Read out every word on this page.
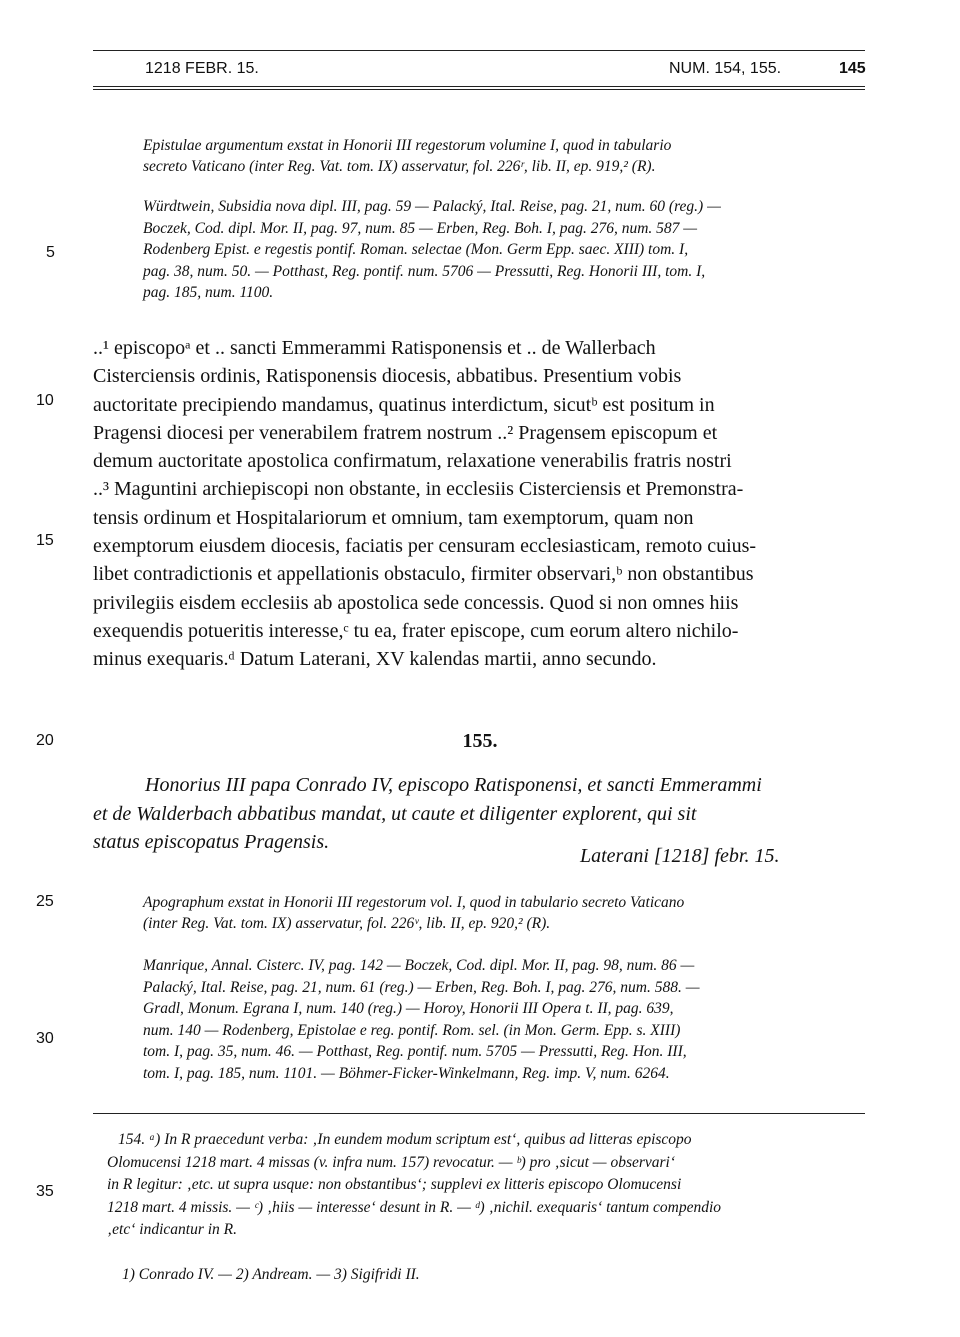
1218 FEBR. 15.	NUM. 154, 155.	145
5
10
15
20
25
30
35
Epistulae argumentum exstat in Honorii III regestorum volumine I, quod in tabulario
secreto Vaticano (inter Reg. Vat. tom. IX) asservatur, fol. 226ʳ, lib. II, ep. 919,² (R).
Würdtwein, Subsidia nova dipl. III, pag. 59 — Palacký, Ital. Reise, pag. 21, num. 60 (reg.) —
Boczek, Cod. dipl. Mor. II, pag. 97, num. 85 — Erben, Reg. Boh. I, pag. 276, num. 587 —
Rodenberg Epist. e regestis pontif. Roman. selectae (Mon. Germ Epp. saec. XIII) tom. I,
pag. 38, num. 50. — Potthast, Reg. pontif. num. 5706 — Pressutti, Reg. Honorii III, tom. I,
pag. 185, num. 1100.
..¹ episcopoᵃ et .. sancti Emmerammi Ratisponensis et .. de Wallerbach
Cisterciensis ordinis, Ratisponensis diocesis, abbatibus. Presentium vobis
auctoritate precipiendo mandamus, quatinus interdictum, sicutᵇ est positum in
Pragensi diocesi per venerabilem fratrem nostrum ..² Pragensem episcopum et
demum auctoritate apostolica confirmatum, relaxatione venerabilis fratris nostri
..³ Maguntini archiepiscopi non obstante, in ecclesiis Cisterciensis et Premonstra-
tensis ordinum et Hospitalariorum et omnium, tam exemptorum, quam non
exemptorum eiusdem diocesis, faciatis per censuram ecclesiasticam, remoto cuius-
libet contradictionis et appellationis obstaculo, firmiter observari,ᵇ non obstantibus
privilegiis eisdem ecclesiis ab apostolica sede concessis. Quod si non omnes hiis
exequendis potueritis interesse,ᶜ tu ea, frater episcope, cum eorum altero nichilo-
minus exequaris.ᵈ Datum Laterani, XV kalendas martii, anno secundo.
155.
Honorius III papa Conrado IV, episcopo Ratisponensi, et sancti Emmerammi
et de Walderbach abbatibus mandat, ut caute et diligenter explorent, qui sit
status episcopatus Pragensis.
Laterani [1218] febr. 15.
Apographum exstat in Honorii III regestorum vol. I, quod in tabulario secreto Vaticano
(inter Reg. Vat. tom. IX) asservatur, fol. 226ᵛ, lib. II, ep. 920,² (R).
Manrique, Annal. Cisterc. IV, pag. 142 — Boczek, Cod. dipl. Mor. II, pag. 98, num. 86 —
Palacký, Ital. Reise, pag. 21, num. 61 (reg.) — Erben, Reg. Boh. I, pag. 276, num. 588. —
Gradl, Monum. Egrana I, num. 140 (reg.) — Horoy, Honorii III Opera t. II, pag. 639,
num. 140 — Rodenberg, Epistolae e reg. pontif. Rom. sel. (in Mon. Germ. Epp. s. XIII)
tom. I, pag. 35, num. 46. — Potthast, Reg. pontif. num. 5705 — Pressutti, Reg. Hon. III,
tom. I, pag. 185, num. 1101. — Böhmer-Ficker-Winkelmann, Reg. imp. V, num. 6264.
154. ᵃ) In R praecedunt verba: ‚In eundem modum scriptum est‘, quibus ad litteras episcopo
Olomucensi 1218 mart. 4 missas (v. infra num. 157) revocatur. — ᵇ) pro ‚sicut — observari‘
in R legitur: ‚etc. ut supra usque: non obstantibus‘; supplevi ex litteris episcopo Olomucensi
1218 mart. 4 missis. — ᶜ) ‚hiis — interesse‘ desunt in R. — ᵈ) ‚nichil. exequaris‘ tantum compendio
‚etc‘ indicantur in R.
1) Conrado IV. — 2) Andream. — 3) Sigifridi II.
